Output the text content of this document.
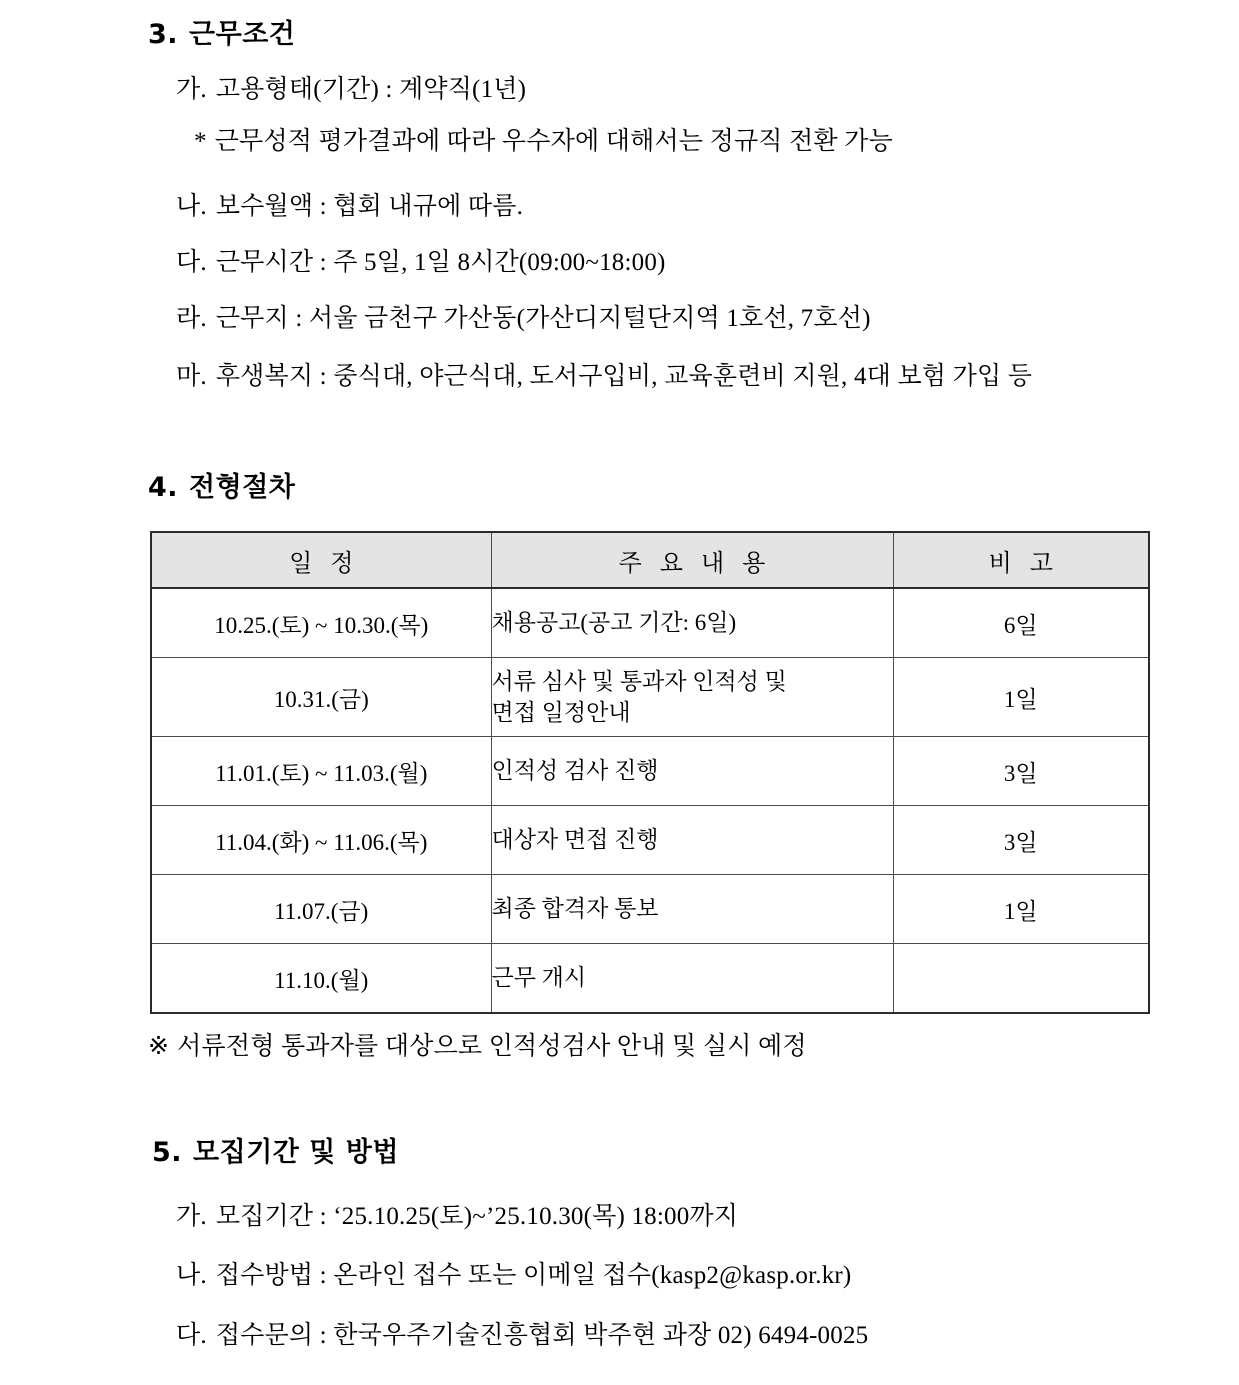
3. 근무조건
가. 고용형태(기간) : 계약직(1년)
* 근무성적 평가결과에 따라 우수자에 대해서는 정규직 전환 가능
나. 보수월액 : 협회 내규에 따름.
다. 근무시간 : 주 5일, 1일 8시간(09:00~18:00)
라. 근무지 : 서울 금천구 가산동(가산디지털단지역 1호선, 7호선)
마. 후생복지 : 중식대, 야근식대, 도서구입비, 교육훈련비 지원, 4대 보험 가입 등
4. 전형절차
일 정	주 요 내 용	비 고
10.25.(토) ~ 10.30.(목)	채용공고(공고 기간: 6일)	6일
10.31.(금)	서류 심사 및 통과자 인적성 및
면접 일정안내	1일
11.01.(토) ~ 11.03.(월)	인적성 검사 진행	3일
11.04.(화) ~ 11.06.(목)	대상자 면접 진행	3일
11.07.(금)	최종 합격자 통보	1일
11.10.(월)	근무 개시	

※ 서류전형 통과자를 대상으로 인적성검사 안내 및 실시 예정
5. 모집기간 및 방법
가. 모집기간 : ‘25.10.25(토)~’25.10.30(목) 18:00까지
나. 접수방법 : 온라인 접수 또는 이메일 접수(kasp2@kasp.or.kr)
다. 접수문의 : 한국우주기술진흥협회 박주현 과장 02) 6494-0025
